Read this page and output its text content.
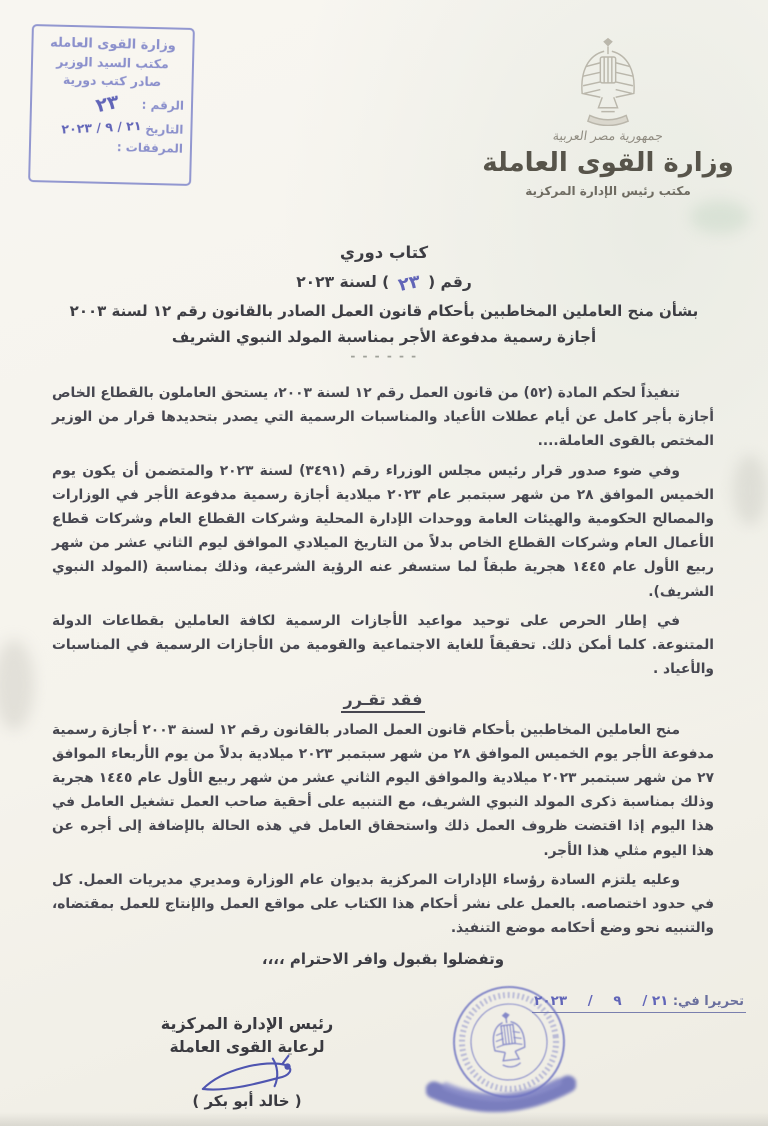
وزارة القوى العامله
مكتب السيد الوزير
صادر كتب دورية
الرقم :
٢٣
التاريخ
٢١ / ٩ / ٢٠٢٣
المرفقات :
جمهورية مصر العربية
وزارة القوى العاملة
مكتب رئيس الإدارة المركزية
كتاب دوري
رقم ( ٢٣ ) لسنة ٢٠٢٣
بشأن منح العاملين المخاطبين بأحكام قانون العمل الصادر بالقانون رقم ١٢ لسنة ٢٠٠٣
أجازة رسمية مدفوعة الأجر بمناسبة المولد النبوي الشريف
- - - - - -

تنفيذاً لحكم المادة (٥٢) من قانون العمل رقم ١٢ لسنة ٢٠٠٣، يستحق العاملون بالقطاع الخاص أجازة بأجر كامل عن أيام عطلات الأعياد والمناسبات الرسمية التي يصدر بتحديدها قرار من الوزير المختص بالقوى العاملة....

وفي ضوء صدور قرار رئيس مجلس الوزراء رقم (٣٤٩١) لسنة ٢٠٢٣ والمتضمن أن يكون يوم الخميس الموافق ٢٨ من شهر سبتمبر عام ٢٠٢٣ ميلادية أجازة رسمية مدفوعة الأجر في الوزارات والمصالح الحكومية والهيئات العامة ووحدات الإدارة المحلية وشركات القطاع العام وشركات قطاع الأعمال العام وشركات القطاع الخاص بدلاً من التاريخ الميلادي الموافق ليوم الثاني عشر من شهر ربيع الأول عام ١٤٤٥ هجرية طبقاً لما ستسفر عنه الرؤية الشرعية، وذلك بمناسبة (المولد النبوي الشريف).

في إطار الحرص على توحيد مواعيد الأجازات الرسمية لكافة العاملين بقطاعات الدولة المتنوعة. كلما أمكن ذلك. تحقيقاً للغاية الاجتماعية والقومية من الأجازات الرسمية في المناسبات والأعياد .

فقد تقـرر

منح العاملين المخاطبين بأحكام قانون العمل الصادر بالقانون رقم ١٢ لسنة ٢٠٠٣ أجازة رسمية مدفوعة الأجر يوم الخميس الموافق ٢٨ من شهر سبتمبر ٢٠٢٣ ميلادية بدلاً من يوم الأربعاء الموافق ٢٧ من شهر سبتمبر ٢٠٢٣ ميلادية والموافق اليوم الثاني عشر من شهر ربيع الأول عام ١٤٤٥ هجرية وذلك بمناسبة ذكرى المولد النبوي الشريف، مع التنبيه على أحقية صاحب العمل تشغيل العامل في هذا اليوم إذا اقتضت ظروف العمل ذلك واستحقاق العامل في هذه الحالة بالإضافة إلى أجره عن هذا اليوم مثلي هذا الأجر.

وعليه يلتزم السادة رؤساء الإدارات المركزية بديوان عام الوزارة ومديري مديريات العمل. كل في حدود اختصاصه. بالعمل على نشر أحكام هذا الكتاب على مواقع العمل والإنتاج للعمل بمقتضاه، والتنبيه نحو وضع أحكامه موضع التنفيذ.

وتفضلوا بقبول وافر الاحترام ،،،،

تحريرا في: ٢١ / ٩ / ٢٠٢٣
رئيس الإدارة المركزية
لرعاية القوى العاملة
( خالد أبو بكر )
